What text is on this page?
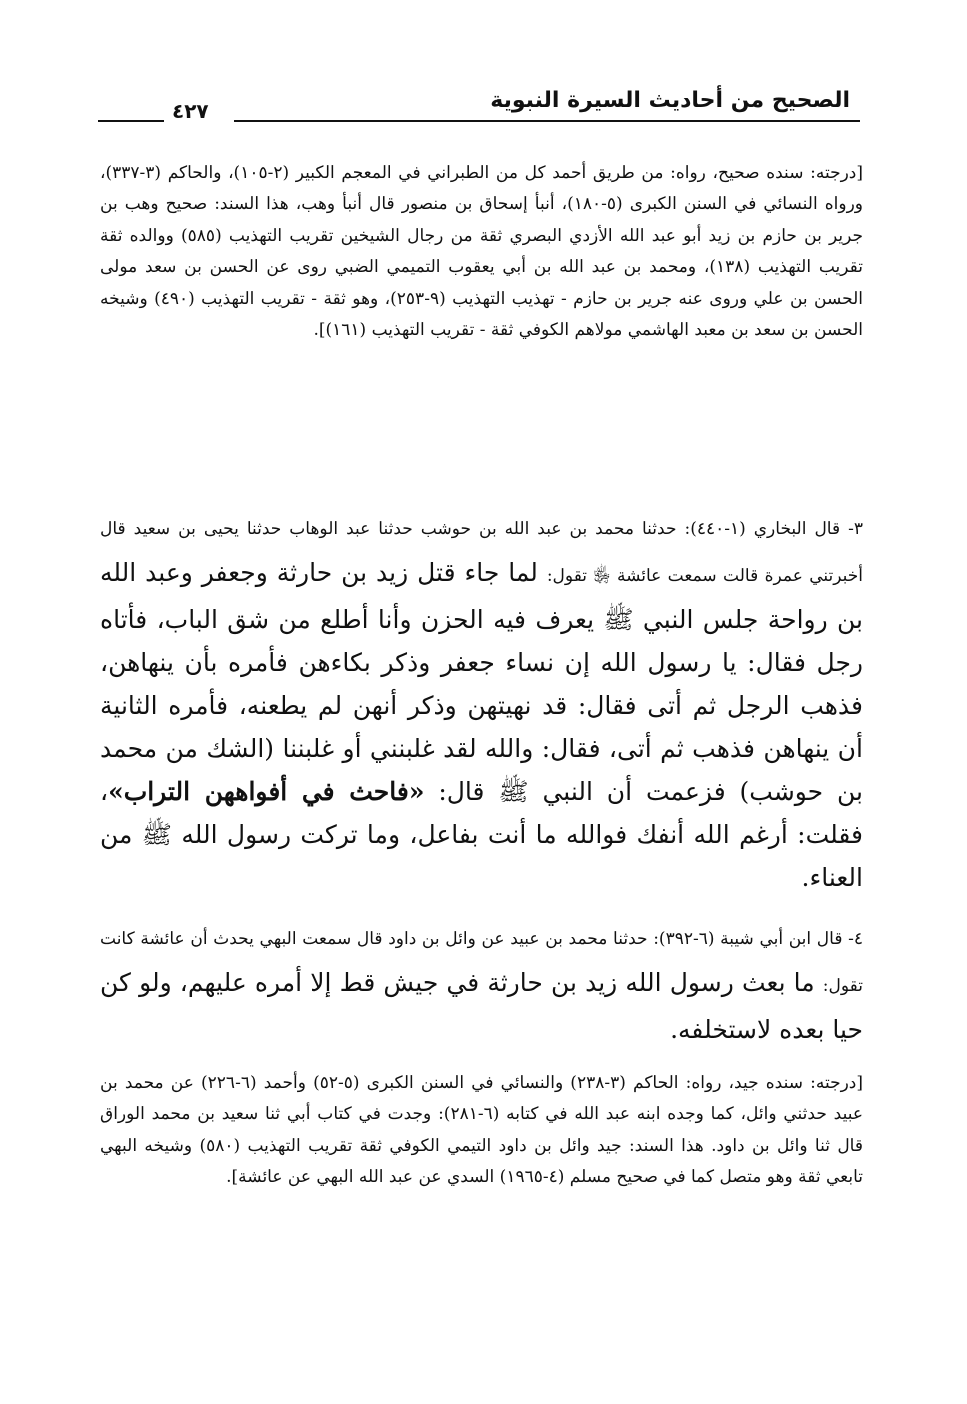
الصحيح من أحاديث السيرة النبوية
٤٢٧

[درجته: سنده صحيح، رواه: من طريق أحمد كل من الطبراني في المعجم الكبير (٢-١٠٥)، والحاكم (٣-٣٣٧)، ورواه النسائي في السنن الكبرى (٥-١٨٠)، أنبأ إسحاق بن منصور قال أنبأ وهب، هذا السند: صحيح وهب بن جرير بن حازم بن زيد أبو عبد الله الأزدي البصري ثقة من رجال الشيخين تقريب التهذيب (٥٨٥) ووالده ثقة تقريب التهذيب (١٣٨)، ومحمد بن عبد الله بن أبي يعقوب التميمي الضبي روى عن الحسن بن سعد مولى الحسن بن علي وروى عنه جرير بن حازم - تهذيب التهذيب (٩-٢٥٣)، وهو ثقة - تقريب التهذيب (٤٩٠) وشيخه الحسن بن سعد بن معبد الهاشمي مولاهم الكوفي ثقة - تقريب التهذيب (١٦١)].

٣- قال البخاري (١-٤٤٠): حدثنا محمد بن عبد الله بن حوشب حدثنا عبد الوهاب حدثنا يحيى بن سعيد قال أخبرتني عمرة قالت سمعت عائشة ﵂ تقول: لما جاء قتل زيد بن حارثة وجعفر وعبد الله بن رواحة جلس النبي ﷺ يعرف فيه الحزن وأنا أطلع من شق الباب، فأتاه رجل فقال: يا رسول الله إن نساء جعفر وذكر بكاءهن فأمره بأن ينهاهن، فذهب الرجل ثم أتى فقال: قد نهيتهن وذكر أنهن لم يطعنه، فأمره الثانية أن ينهاهن فذهب ثم أتى، فقال: والله لقد غلبنني أو غلبننا (الشك من محمد بن حوشب) فزعمت أن النبي ﷺ قال: «فاحث في أفواههن التراب»، فقلت: أرغم الله أنفك فوالله ما أنت بفاعل، وما تركت رسول الله ﷺ من العناء.

٤- قال ابن أبي شيبة (٦-٣٩٢): حدثنا محمد بن عبيد عن وائل بن داود قال سمعت البهي يحدث أن عائشة كانت تقول: ما بعث رسول الله زيد بن حارثة في جيش قط إلا أمره عليهم، ولو كن حيا بعده لاستخلفه.

[درجته: سنده جيد، رواه: الحاكم (٣-٢٣٨) والنسائي في السنن الكبرى (٥-٥٢) وأحمد (٦-٢٢٦) عن محمد بن عبيد حدثني وائل، كما وجده ابنه عبد الله في كتابه (٦-٢٨١): وجدت في كتاب أبي ثنا سعيد بن محمد الوراق قال ثنا وائل بن داود. هذا السند: جيد وائل بن داود التيمي الكوفي ثقة تقريب التهذيب (٥٨٠) وشيخه البهي تابعي ثقة وهو متصل كما في صحيح مسلم (٤-١٩٦٥) السدي عن عبد الله البهي عن عائشة].
